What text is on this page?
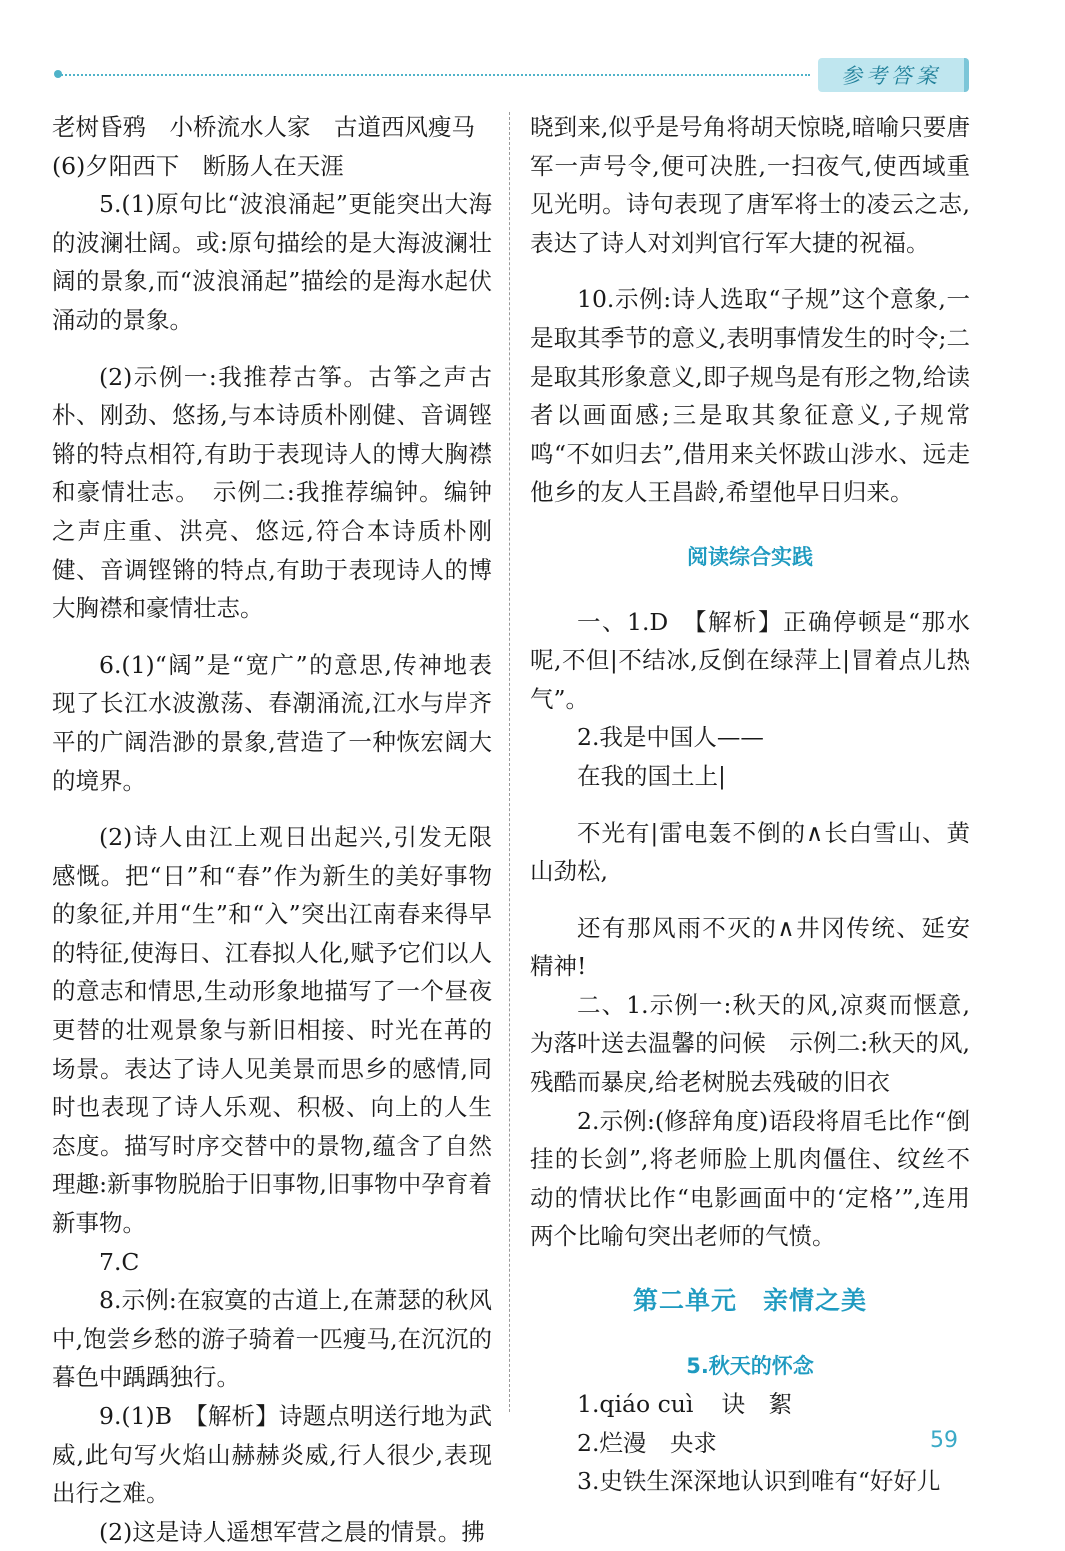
参考答案

老树昏鸦　小桥流水人家　古道西风瘦马

(6)夕阳西下　断肠人在天涯

5.(1)原句比“波浪涌起”更能突出大海的波澜壮阔。或:原句描绘的是大海波澜壮阔的景象,而“波浪涌起”描绘的是海水起伏涌动的景象。

(2)示例一:我推荐古筝。古筝之声古朴、刚劲、悠扬,与本诗质朴刚健、音调铿锵的特点相符,有助于表现诗人的博大胸襟和豪情壮志。　示例二:我推荐编钟。编钟之声庄重、洪亮、悠远,符合本诗质朴刚健、音调铿锵的特点,有助于表现诗人的博大胸襟和豪情壮志。

6.(1)“阔”是“宽广”的意思,传神地表现了长江水波激荡、春潮涌流,江水与岸齐平的广阔浩渺的景象,营造了一种恢宏阔大的境界。

(2)诗人由江上观日出起兴,引发无限感慨。把“日”和“春”作为新生的美好事物的象征,并用“生”和“入”突出江南春来得早的特征,使海日、江春拟人化,赋予它们以人的意志和情思,生动形象地描写了一个昼夜更替的壮观景象与新旧相接、时光在苒的场景。表达了诗人见美景而思乡的感情,同时也表现了诗人乐观、积极、向上的人生态度。描写时序交替中的景物,蕴含了自然理趣:新事物脱胎于旧事物,旧事物中孕育着新事物。

7.C

8.示例:在寂寞的古道上,在萧瑟的秋风中,饱尝乡愁的游子骑着一匹瘦马,在沉沉的暮色中踽踽独行。

9.(1)B　【解析】诗题点明送行地为武威,此句写火焰山赫赫炎威,行人很少,表现出行之难。

(2)这是诗人遥想军营之晨的情景。拂

晓到来,似乎是号角将胡天惊晓,暗喻只要唐军一声号令,便可决胜,一扫夜气,使西域重见光明。诗句表现了唐军将士的凌云之志,表达了诗人对刘判官行军大捷的祝福。

10.示例:诗人选取“子规”这个意象,一是取其季节的意义,表明事情发生的时令;二是取其形象意义,即子规鸟是有形之物,给读者以画面感;三是取其象征意义,子规常鸣“不如归去”,借用来关怀跋山涉水、远走他乡的友人王昌龄,希望他早日归来。

阅读综合实践

一、1.D　【解析】正确停顿是“那水呢,不但|不结冰,反倒在绿萍上|冒着点儿热气”。

2.我是中国人——

在我的国土上|

不光有|雷电轰不倒的∧长白雪山、黄山劲松,

还有那风雨不灭的∧井冈传统、延安精神!

二、1.示例一:秋天的风,凉爽而惬意,为落叶送去温馨的问候　示例二:秋天的风,残酷而暴戾,给老树脱去残破的旧衣

2.示例:(修辞角度)语段将眉毛比作“倒挂的长剑”,将老师脸上肌肉僵住、纹丝不动的情状比作“电影画面中的‘定格’”,连用两个比喻句突出老师的气愤。

第二单元　亲情之美

5.秋天的怀念

1.qiáo cuì 诀　絮

2.烂漫　央求

3.史铁生深深地认识到唯有“好好儿

59
